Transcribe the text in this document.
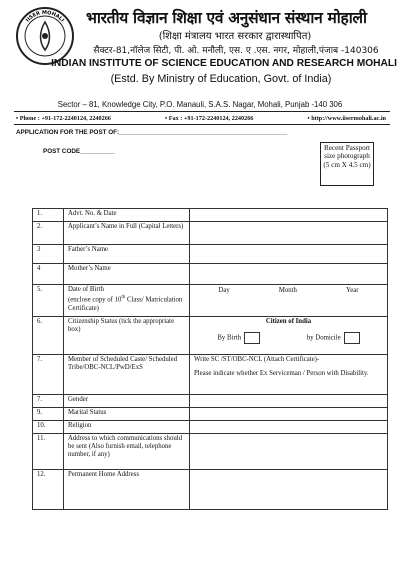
IISER MOHALI भारतीय विज्ञान शिक्षा एवं अनुसंधान संस्थान मोहाली
(शिक्षा मंत्रालय भारत सरकार द्वारास्थापित)
सैक्टर-81,नॉलेज सिटी, पी. ओ. मनौली, एस. ए .एस. नगर, मोहाली,पंजाब -140306
INDIAN INSTITUTE OF SCIENCE EDUCATION AND RESEARCH MOHALI
(Estd. By Ministry of Education, Govt. of India)
Sector – 81, Knowledge City, P.O. Manauli, S.A.S. Nagar, Mohali, Punjab -140 306
• Phone : +91-172-2240124, 2240266	• Fax : +91-172-2240124, 2240266	• http://www.iisermohali.ac.in
APPLICATION FOR THE POST OF:________________________________________________
POST CODE__________	Recent Passport size photograph (5 cm X 4.5 cm)
1.	Advt. No. & Date	
2.	Applicant’s Name in Full (Capital Letters)	
3	Father’s Name	
4	Mother’s Name	
5.	Date of Birth
(enclose copy of 10th Class/ Matriculation Certificate)	Day Month Year

6.	Citizenship Status (tick the appropriate box)	Citizen of India
By Birth by Domicile

7.	Member of Scheduled Caste/ Scheduled Tribe/OBC-NCL/PwD/ExS	Write SC /ST/OBC-NCL (Attach Certificate)-
Please indicate whether Ex Serviceman / Person with Disability.

7.	Gender	
9.	Marital Status	
10.	Religion	
11.	Address to which communications should be sent (Also furnish email, telephone number, if any)	
12.	Permanent Home Address	
